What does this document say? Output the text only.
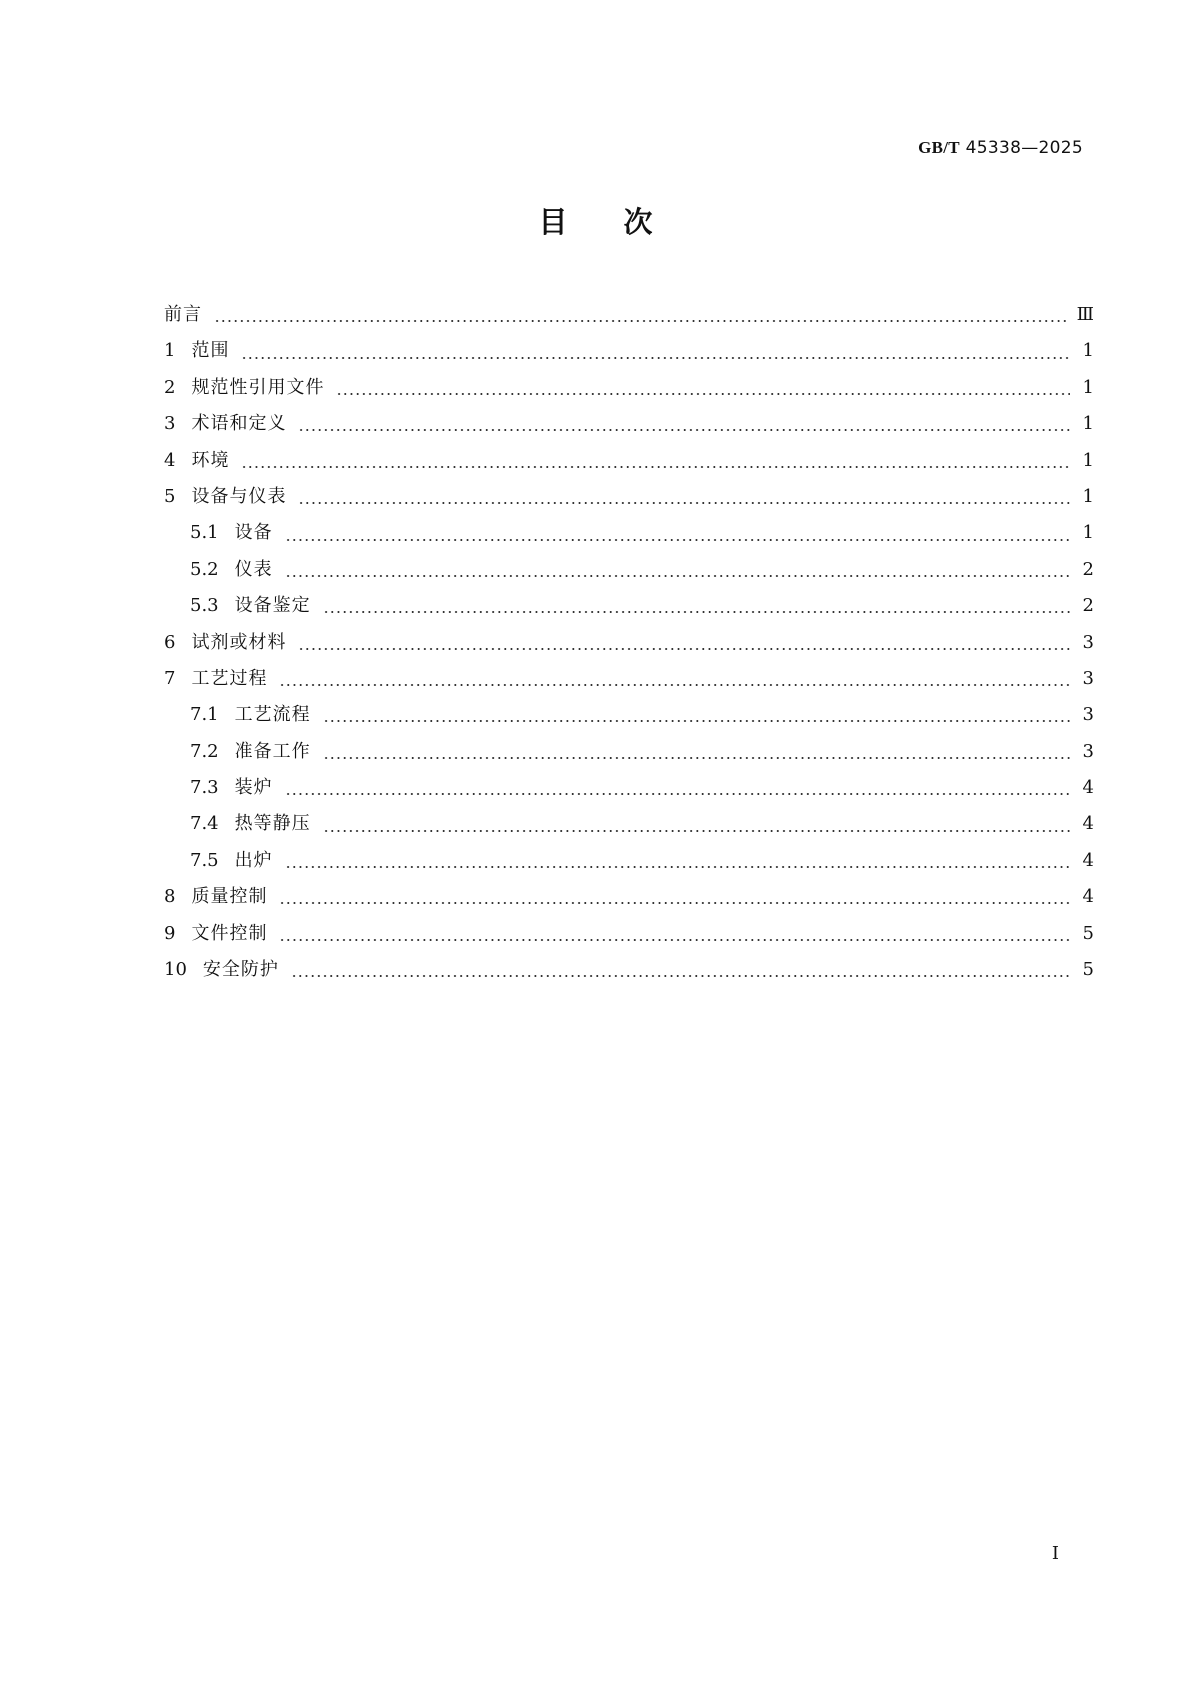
GB/T 45338—2025
目次
前言	Ⅲ
1 范围	1
2 规范性引用文件	1
3 术语和定义	1
4 环境	1
5 设备与仪表	1
5.1 设备	1
5.2 仪表	2
5.3 设备鉴定	2
6 试剂或材料	3
7 工艺过程	3
7.1 工艺流程	3
7.2 准备工作	3
7.3 装炉	4
7.4 热等静压	4
7.5 出炉	4
8 质量控制	4
9 文件控制	5
10 安全防护	5
Ⅰ
